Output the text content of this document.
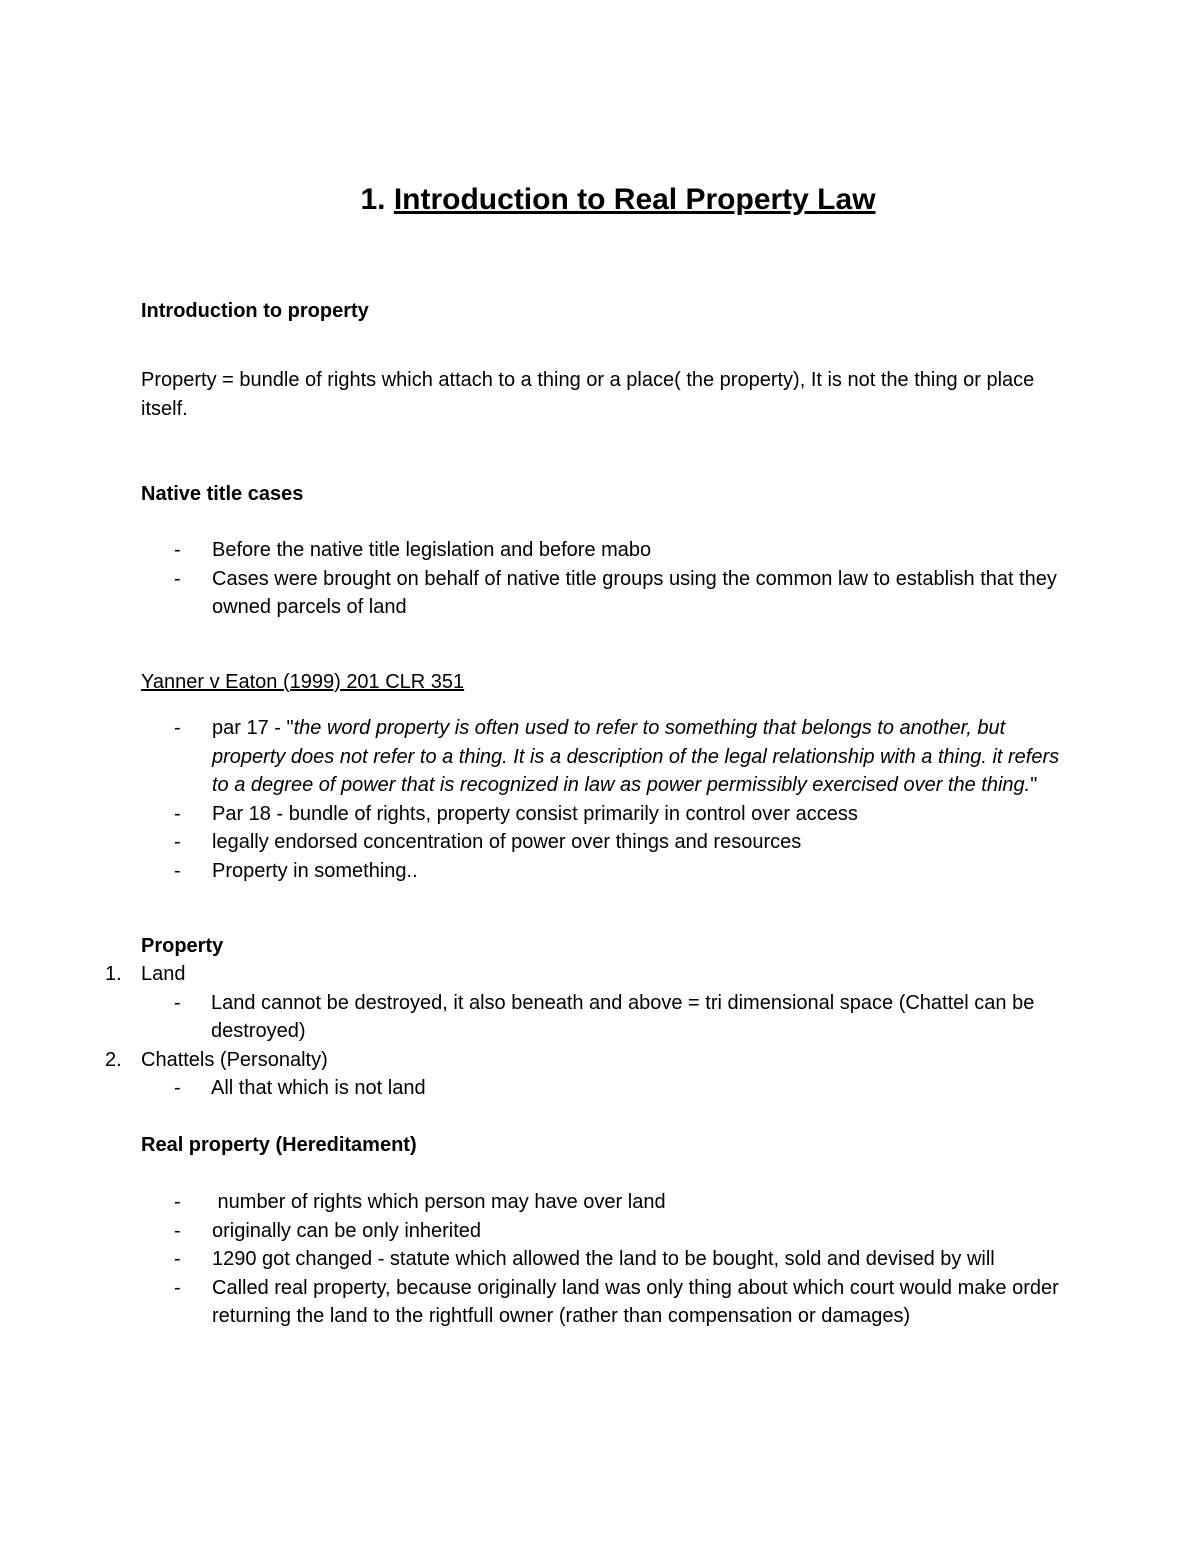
1. Introduction to Real Property Law
Introduction to property
Property = bundle of rights which attach to a thing or a place( the property), It is not the thing or place itself.
Native title cases
- Before the native title legislation and before mabo
- Cases were brought on behalf of native title groups using the common law to establish that they owned parcels of land
Yanner v Eaton (1999) 201 CLR 351
- par 17 - "the word property is often used to refer to something that belongs to another, but property does not refer to a thing. It is a description of the legal relationship with a thing. it refers to a degree of power that is recognized in law as power permissibly exercised over the thing."
- Par 18 - bundle of rights, property consist primarily in control over access
- legally endorsed concentration of power over things and resources
- Property in something..
Property
1. Land
- Land cannot be destroyed, it also beneath and above = tri dimensional space (Chattel can be destroyed)
2. Chattels (Personalty)
- All that which is not land
Real property (Hereditament)
- number of rights which person may have over land
- originally can be only inherited
- 1290 got changed - statute which allowed the land to be bought, sold and devised by will
- Called real property, because originally land was only thing about which court would make order returning the land to the rightfull owner (rather than compensation or damages)
